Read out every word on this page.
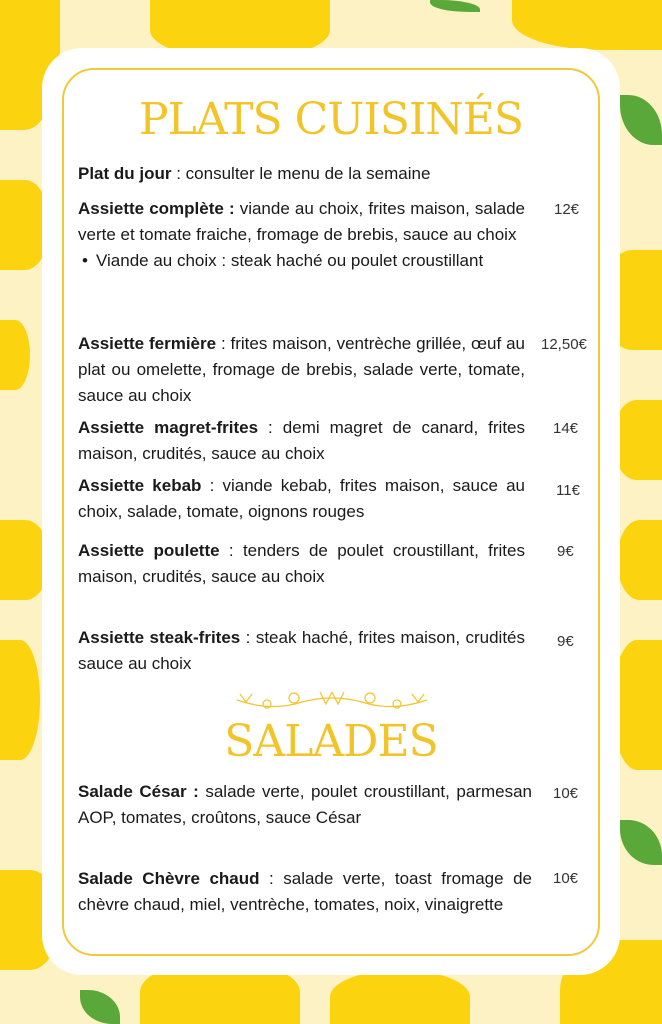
PLATS CUISINÉS
Plat du jour : consulter le menu de la semaine
Assiette complète : viande au choix, frites maison, salade verte et tomate fraiche, fromage de brebis, sauce au choix

• Viande au choix : steak haché ou poulet croustillant

12€
Assiette fermière : frites maison, ventrèche grillée, œuf au plat ou omelette, fromage de brebis, salade verte, tomate, sauce au choix
12,50€
Assiette magret-frites : demi magret de canard, frites maison, crudités, sauce au choix
14€
Assiette kebab : viande kebab, frites maison, sauce au choix, salade, tomate, oignons rouges
11€
Assiette poulette : tenders de poulet croustillant, frites maison, crudités, sauce au choix
9€
Assiette steak-frites : steak haché, frites maison, crudités sauce au choix
9€
SALADES
Salade César : salade verte, poulet croustillant, parmesan AOP, tomates, croûtons, sauce César
10€
Salade Chèvre chaud : salade verte, toast fromage de chèvre chaud, miel, ventrèche, tomates, noix, vinaigrette
10€
